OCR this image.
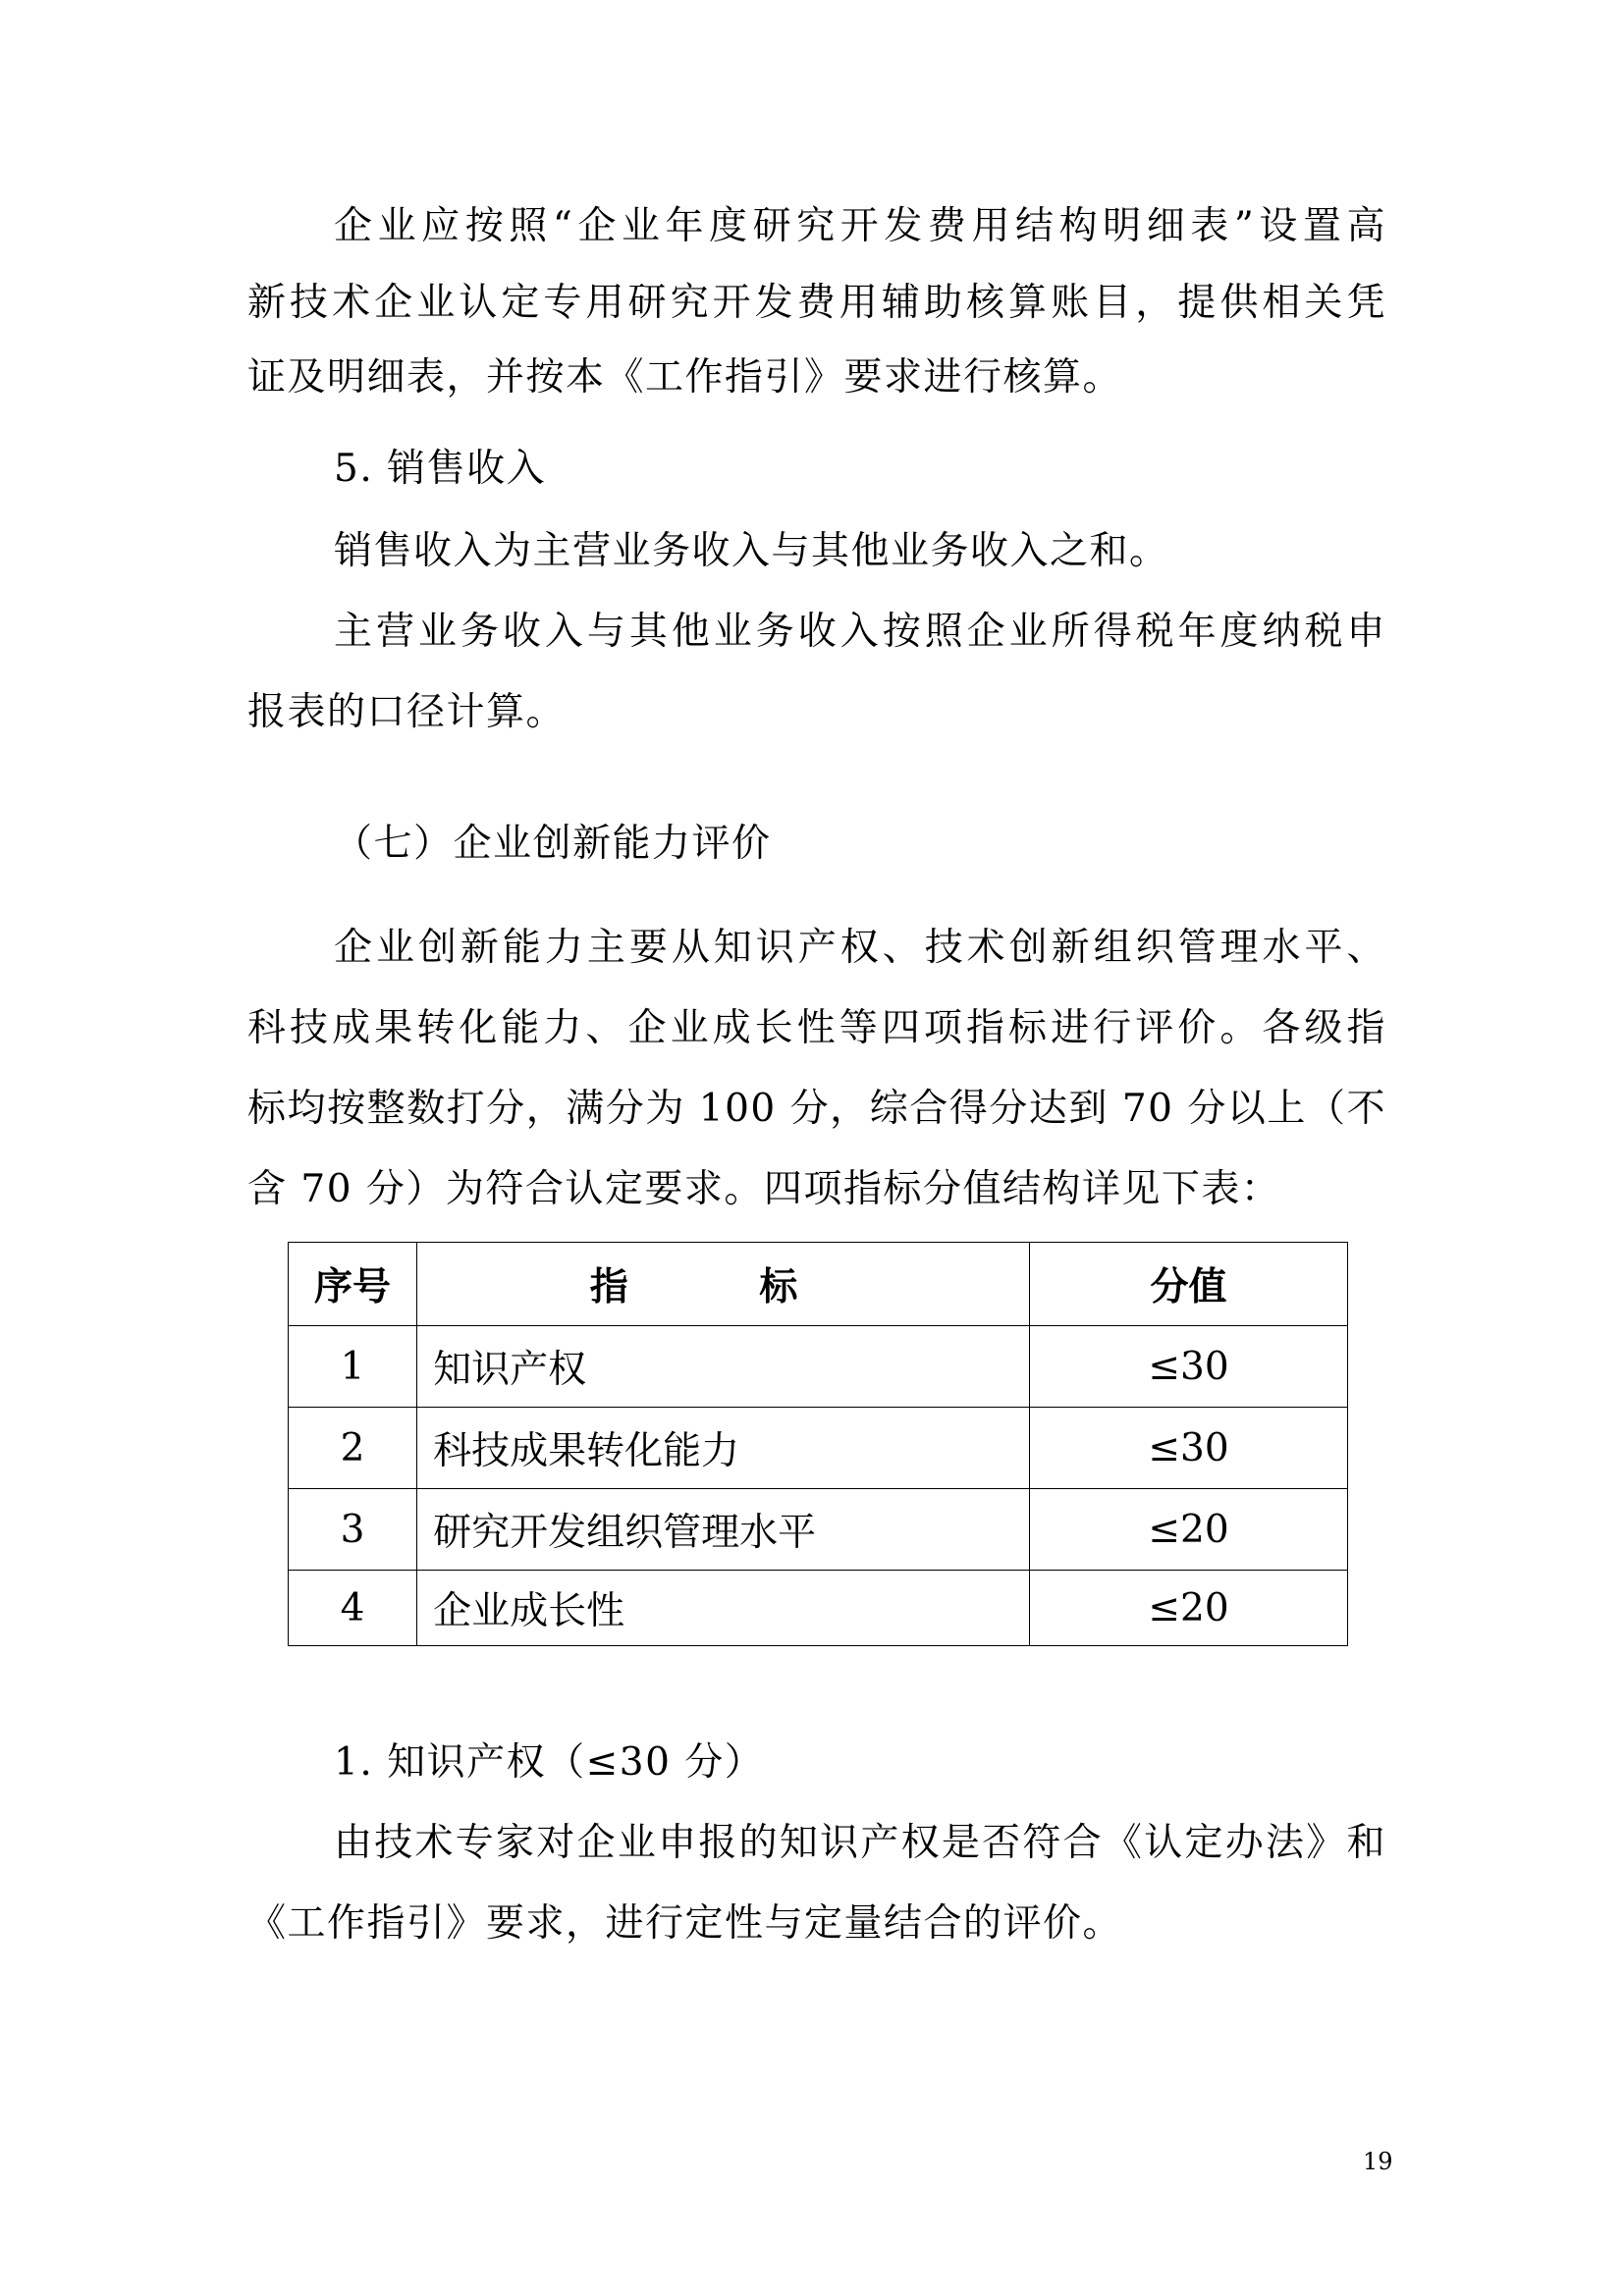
企业应按照“企业年度研究开发费用结构明细表”设置高
新技术企业认定专用研究开发费用辅助核算账目，提供相关凭
证及明细表，并按本《工作指引》要求进行核算。
5. 销售收入
销售收入为主营业务收入与其他业务收入之和。
主营业务收入与其他业务收入按照企业所得税年度纳税申
报表的口径计算。
（七）企业创新能力评价
企业创新能力主要从知识产权、技术创新组织管理水平、
科技成果转化能力、企业成长性等四项指标进行评价。各级指
标均按整数打分，满分为 100 分，综合得分达到 70 分以上（不
含 70 分）为符合认定要求。四项指标分值结构详见下表：
序号	指 标	分值
1	知识产权	≤30
2	科技成果转化能力	≤30
3	研究开发组织管理水平	≤20
4	企业成长性	≤20
1. 知识产权（≤30 分）
由技术专家对企业申报的知识产权是否符合《认定办法》和
《工作指引》要求，进行定性与定量结合的评价。
19
